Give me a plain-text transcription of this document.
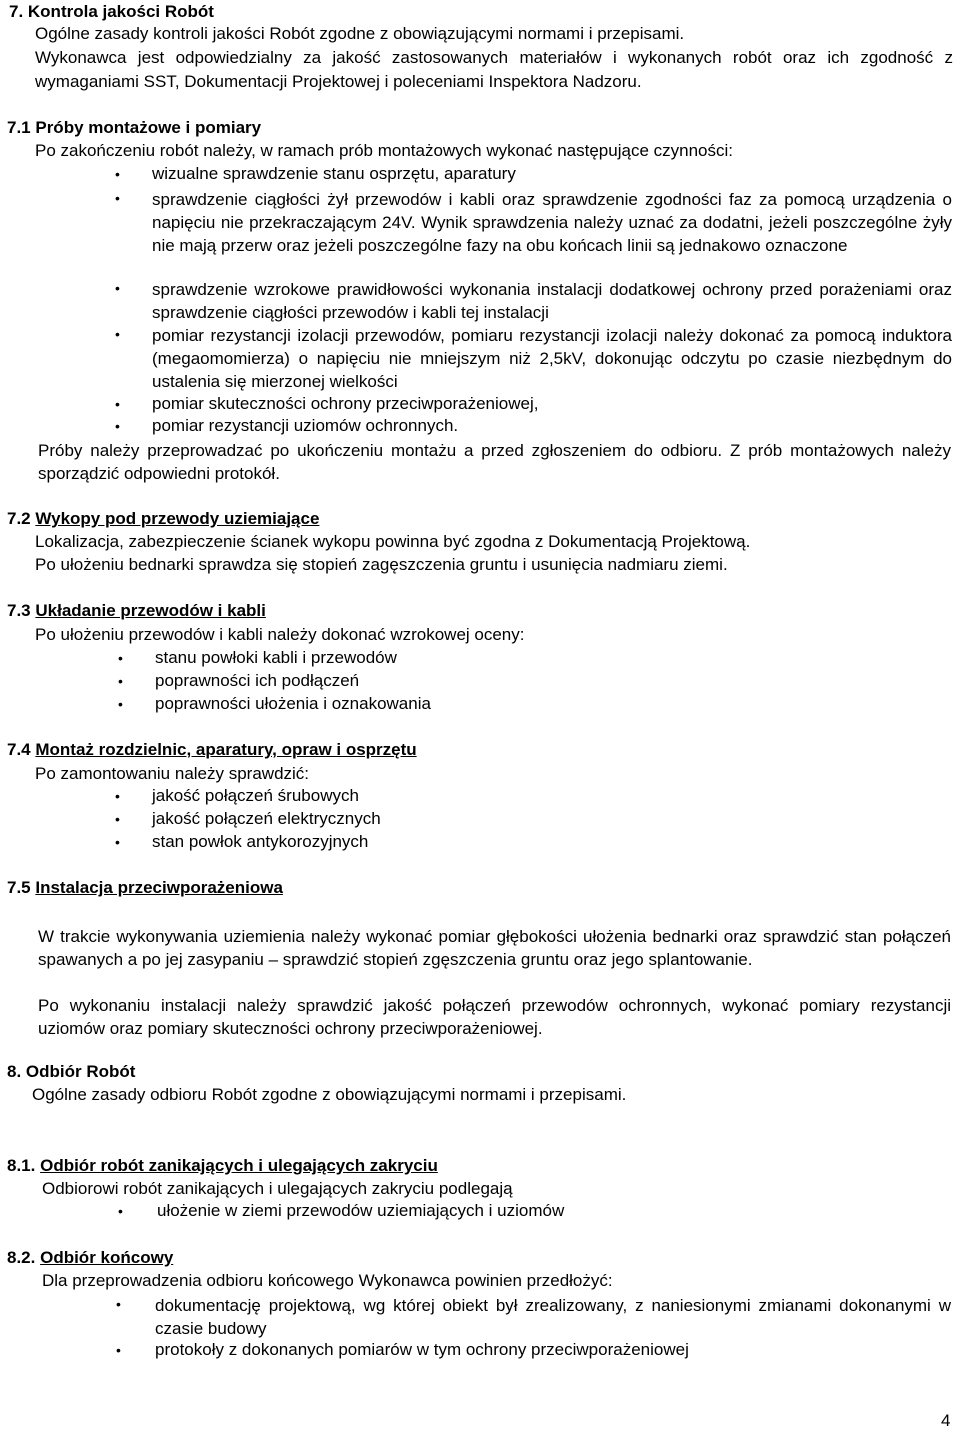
7. Kontrola jakości Robót
Ogólne zasady kontroli jakości Robót zgodne z obowiązującymi normami i przepisami.
Wykonawca jest odpowiedzialny za jakość zastosowanych materiałów i wykonanych robót oraz ich zgodność z wymaganiami SST, Dokumentacji Projektowej i poleceniami Inspektora Nadzoru.
7.1 Próby montażowe i pomiary
Po zakończeniu robót należy, w ramach prób montażowych wykonać następujące czynności:
• wizualne sprawdzenie stanu osprzętu, aparatury
• sprawdzenie ciągłości żył przewodów i kabli oraz sprawdzenie zgodności faz za pomocą urządzenia o napięciu nie przekraczającym 24V. Wynik sprawdzenia należy uznać za dodatni, jeżeli poszczególne żyły nie mają przerw oraz jeżeli poszczególne fazy na obu końcach linii są jednakowo oznaczone
• sprawdzenie wzrokowe prawidłowości wykonania instalacji dodatkowej ochrony przed porażeniami oraz sprawdzenie ciągłości przewodów i kabli tej instalacji
• pomiar rezystancji izolacji przewodów, pomiaru rezystancji izolacji należy dokonać za pomocą induktora (megaomomierza) o napięciu nie mniejszym niż 2,5kV, dokonując odczytu po czasie niezbędnym do ustalenia się mierzonej wielkości
• pomiar skuteczności ochrony przeciwporażeniowej,
• pomiar rezystancji uziomów ochronnych.
Próby należy przeprowadzać po ukończeniu montażu a przed zgłoszeniem do odbioru. Z prób montażowych należy sporządzić odpowiedni protokół.
7.2 Wykopy pod przewody uziemiające
Lokalizacja, zabezpieczenie ścianek wykopu powinna być zgodna z Dokumentacją Projektową.
Po ułożeniu bednarki sprawdza się stopień zagęszczenia gruntu i usunięcia nadmiaru ziemi.
7.3 Układanie przewodów i kabli
Po ułożeniu przewodów i kabli należy dokonać wzrokowej oceny:
• stanu powłoki kabli i przewodów
• poprawności ich podłączeń
• poprawności ułożenia i oznakowania
7.4 Montaż rozdzielnic, aparatury, opraw i osprzętu
Po zamontowaniu należy sprawdzić:
• jakość połączeń śrubowych
• jakość połączeń elektrycznych
• stan powłok antykorozyjnych
7.5 Instalacja przeciwporażeniowa
W trakcie wykonywania uziemienia należy wykonać pomiar głębokości ułożenia bednarki oraz sprawdzić stan połączeń spawanych a po jej zasypaniu – sprawdzić stopień zgęszczenia gruntu oraz jego splantowanie.
Po wykonaniu instalacji należy sprawdzić jakość połączeń przewodów ochronnych, wykonać pomiary rezystancji uziomów oraz pomiary skuteczności ochrony przeciwporażeniowej.
8. Odbiór Robót
Ogólne zasady odbioru Robót zgodne z obowiązującymi normami i przepisami.
8.1. Odbiór robót zanikających i ulegających zakryciu
Odbiorowi robót zanikających i ulegających zakryciu podlegają
• ułożenie w ziemi przewodów uziemiających i uziomów
8.2. Odbiór końcowy
Dla przeprowadzenia odbioru końcowego Wykonawca powinien przedłożyć:
• dokumentację projektową, wg której obiekt był zrealizowany, z naniesionymi zmianami dokonanymi w czasie budowy
• protokoły z dokonanych pomiarów w tym ochrony przeciwporażeniowej
4
